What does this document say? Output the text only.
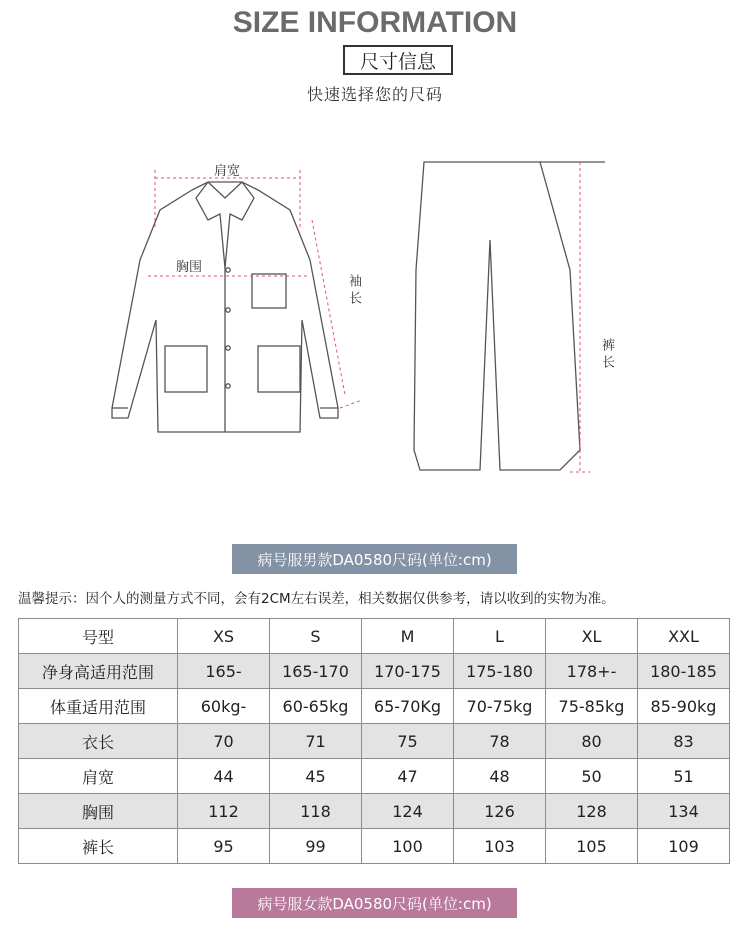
SIZE INFORMATION
尺寸信息
快速选择您的尺码
肩宽
胸围
袖长
裤长
病号服男款DA0580尺码(单位:cm)
温馨提示：因个人的测量方式不同，会有2CM左右误差，相关数据仅供参考，请以收到的实物为准。
号型	XS	S	M	L	XL	XXL
净身高适用范围	165-	165-170	170-175	175-180	178+-	180-185
体重适用范围	60kg-	60-65kg	65-70Kg	70-75kg	75-85kg	85-90kg
衣长	70	71	75	78	80	83
肩宽	44	45	47	48	50	51
胸围	112	118	124	126	128	134
裤长	95	99	100	103	105	109
病号服女款DA0580尺码(单位:cm)
